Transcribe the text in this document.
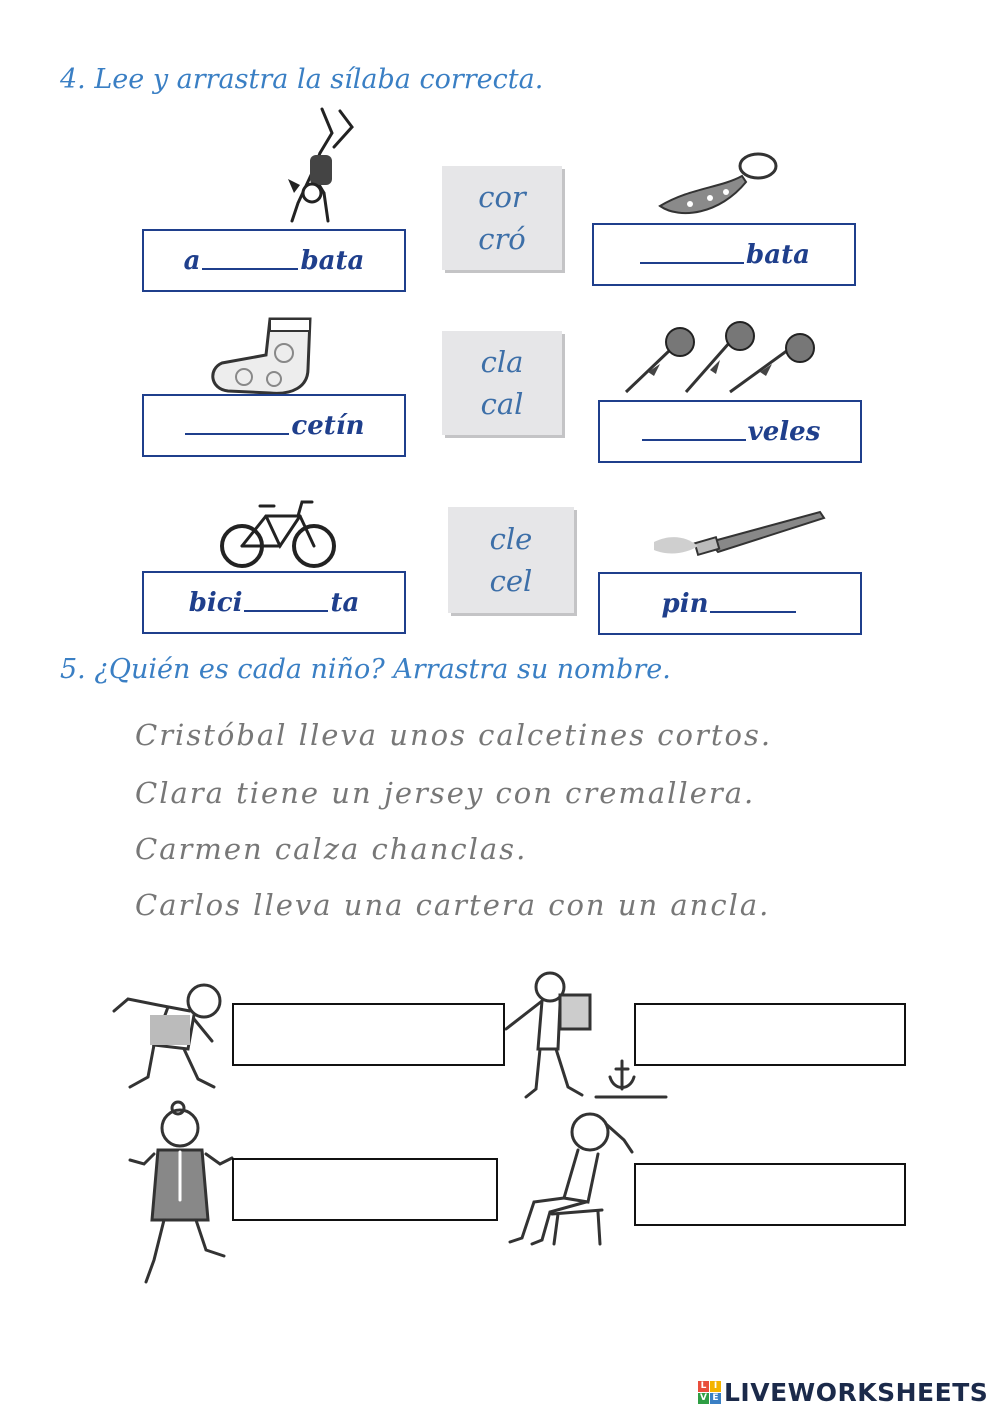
4. Lee y arrastra la sílaba correcta.
a	bata
cor
cró	bata
cetín
cla
cal
veles
bici	ta
cle
cel
pin
5. ¿Quién es cada niño? Arrastra su nombre.
Cristóbal lleva unos calcetines cortos.
Clara tiene un jersey con cremallera.
Carmen calza chanclas.
Carlos lleva una cartera con un ancla.
L I
V E LIVEWORKSHEETS
